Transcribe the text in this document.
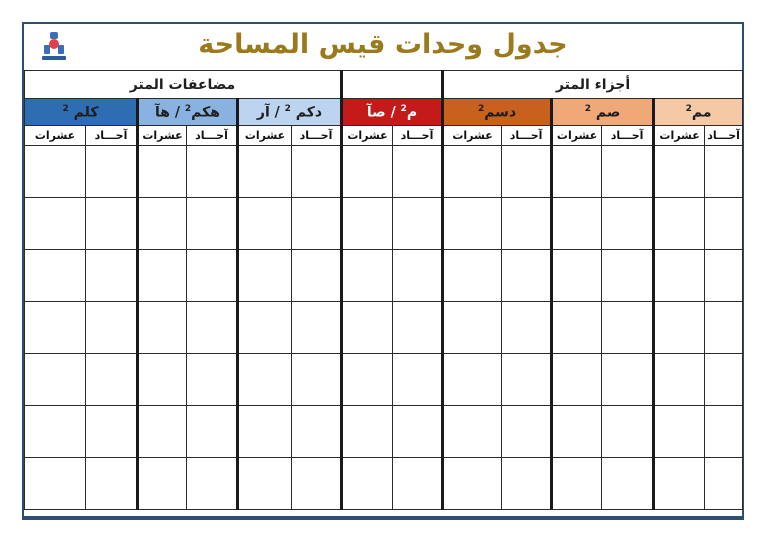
جدول وحدات قيس المساحة
أجزاء المتر								مضاعفات المتر					
مم$^2$		صم $^2$		دسم$^2$		م$^2$ / صآ		دكم $^2$ / آر		هكم$^2$ / هآ		كلم $^2$
آحـــاد	عشرات	آحـــاد	عشرات	آحـــاد	عشرات	آحـــاد	عشرات	آحـــاد	عشرات	آحـــاد	عشرات	آحـــاد	عشرات
